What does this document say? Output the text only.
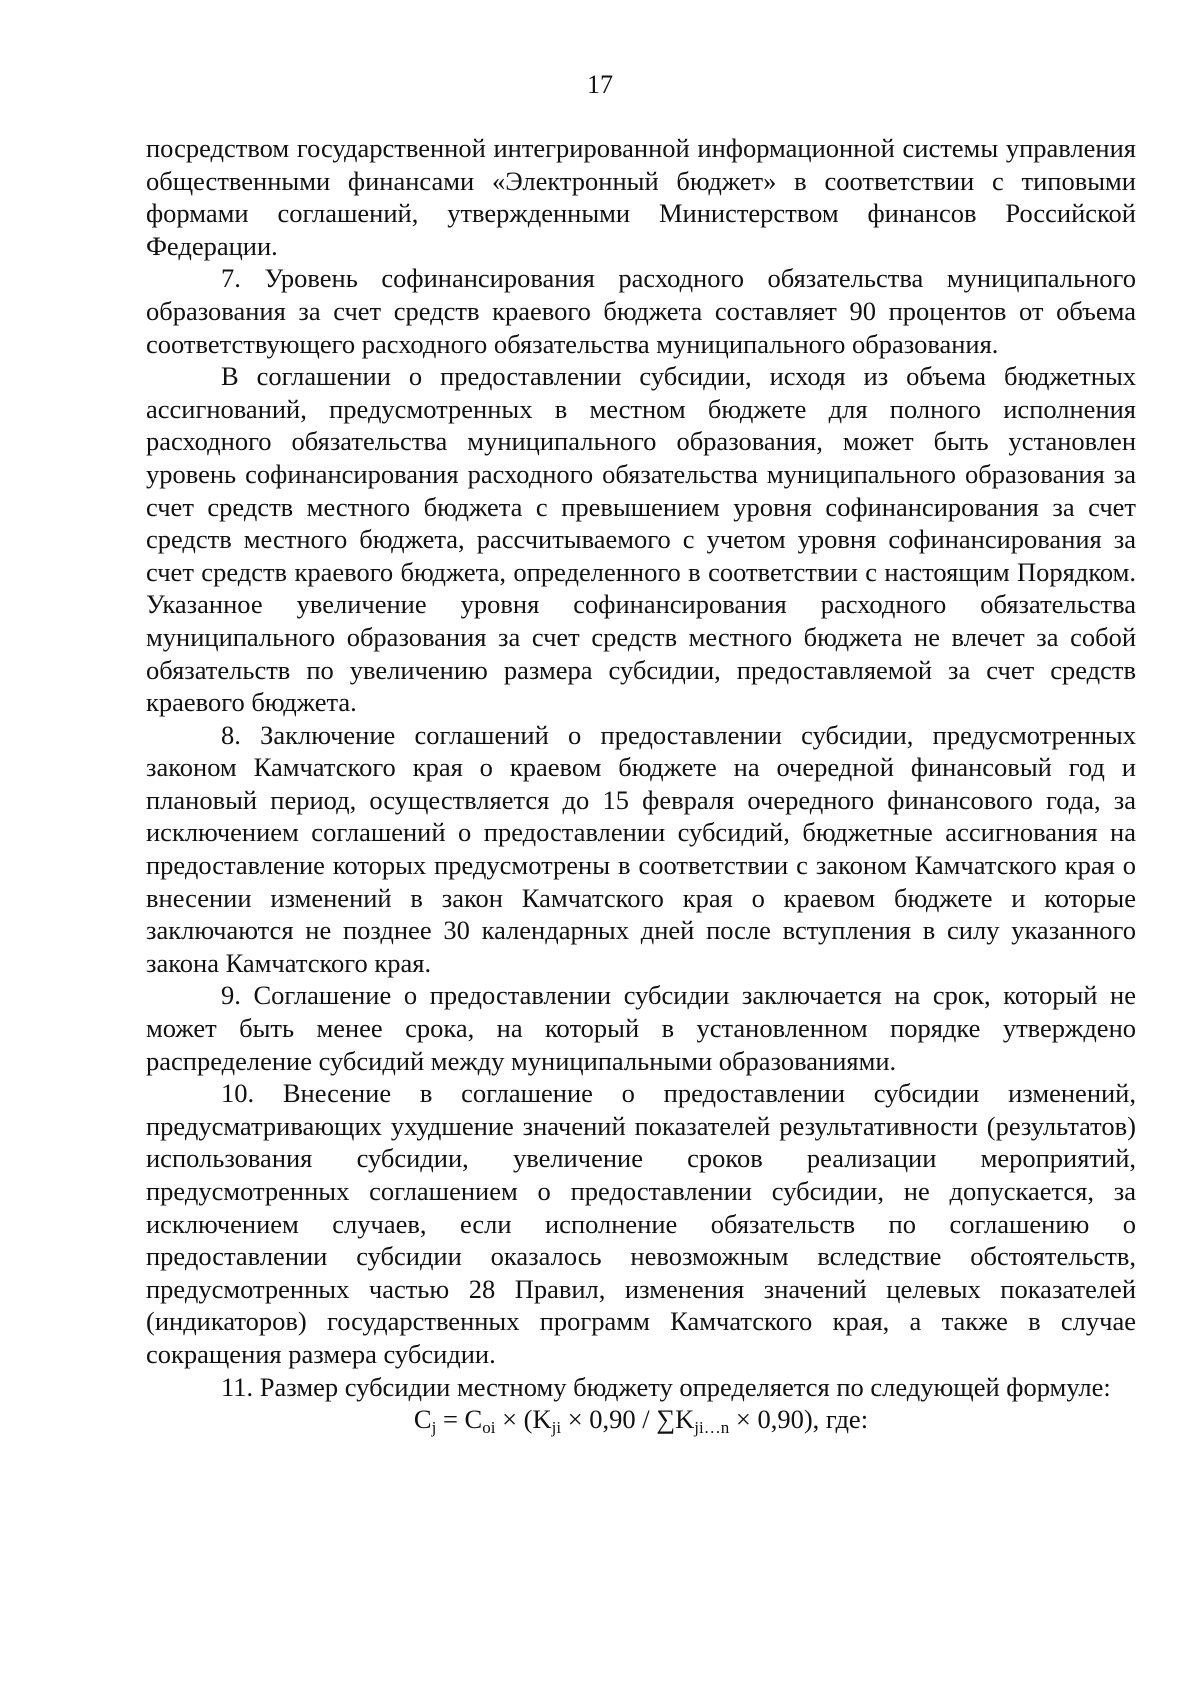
17

посредством государственной интегрированной информационной системы управления общественными финансами «Электронный бюджет» в соответствии с типовыми формами соглашений, утвержденными Министерством финансов Российской Федерации.

7. Уровень софинансирования расходного обязательства муниципального образования за счет средств краевого бюджета составляет 90 процентов от объема соответствующего расходного обязательства муниципального образования.

В соглашении о предоставлении субсидии, исходя из объема бюджетных ассигнований, предусмотренных в местном бюджете для полного исполнения расходного обязательства муниципального образования, может быть установлен уровень софинансирования расходного обязательства муниципального образования за счет средств местного бюджета с превышением уровня софинансирования за счет средств местного бюджета, рассчитываемого с учетом уровня софинансирования за счет средств краевого бюджета, определенного в соответствии с настоящим Порядком. Указанное увеличение уровня софинансирования расходного обязательства муниципального образования за счет средств местного бюджета не влечет за собой обязательств по увеличению размера субсидии, предоставляемой за счет средств краевого бюджета.

8. Заключение соглашений о предоставлении субсидии, предусмотренных законом Камчатского края о краевом бюджете на очередной финансовый год и плановый период, осуществляется до 15 февраля очередного финансового года, за исключением соглашений о предоставлении субсидий, бюджетные ассигнования на предоставление которых предусмотрены в соответствии с законом Камчатского края о внесении изменений в закон Камчатского края о краевом бюджете и которые заключаются не позднее 30 календарных дней после вступления в силу указанного закона Камчатского края.

9. Соглашение о предоставлении субсидии заключается на срок, который не может быть менее срока, на который в установленном порядке утверждено распределение субсидий между муниципальными образованиями.

10. Внесение в соглашение о предоставлении субсидии изменений, предусматривающих ухудшение значений показателей результативности (результатов) использования субсидии, увеличение сроков реализации мероприятий, предусмотренных соглашением о предоставлении субсидии, не допускается, за исключением случаев, если исполнение обязательств по соглашению о предоставлении субсидии оказалось невозможным вследствие обстоятельств, предусмотренных частью 28 Правил, изменения значений целевых показателей (индикаторов) государственных программ Камчатского края, а также в случае сокращения размера субсидии.

11. Размер субсидии местному бюджету определяется по следующей формуле:

$C_j = C_{oi} \times (K_{ji} \times 0,90 / \sum K_{ji\dots n} \times 0,90)$, где:
